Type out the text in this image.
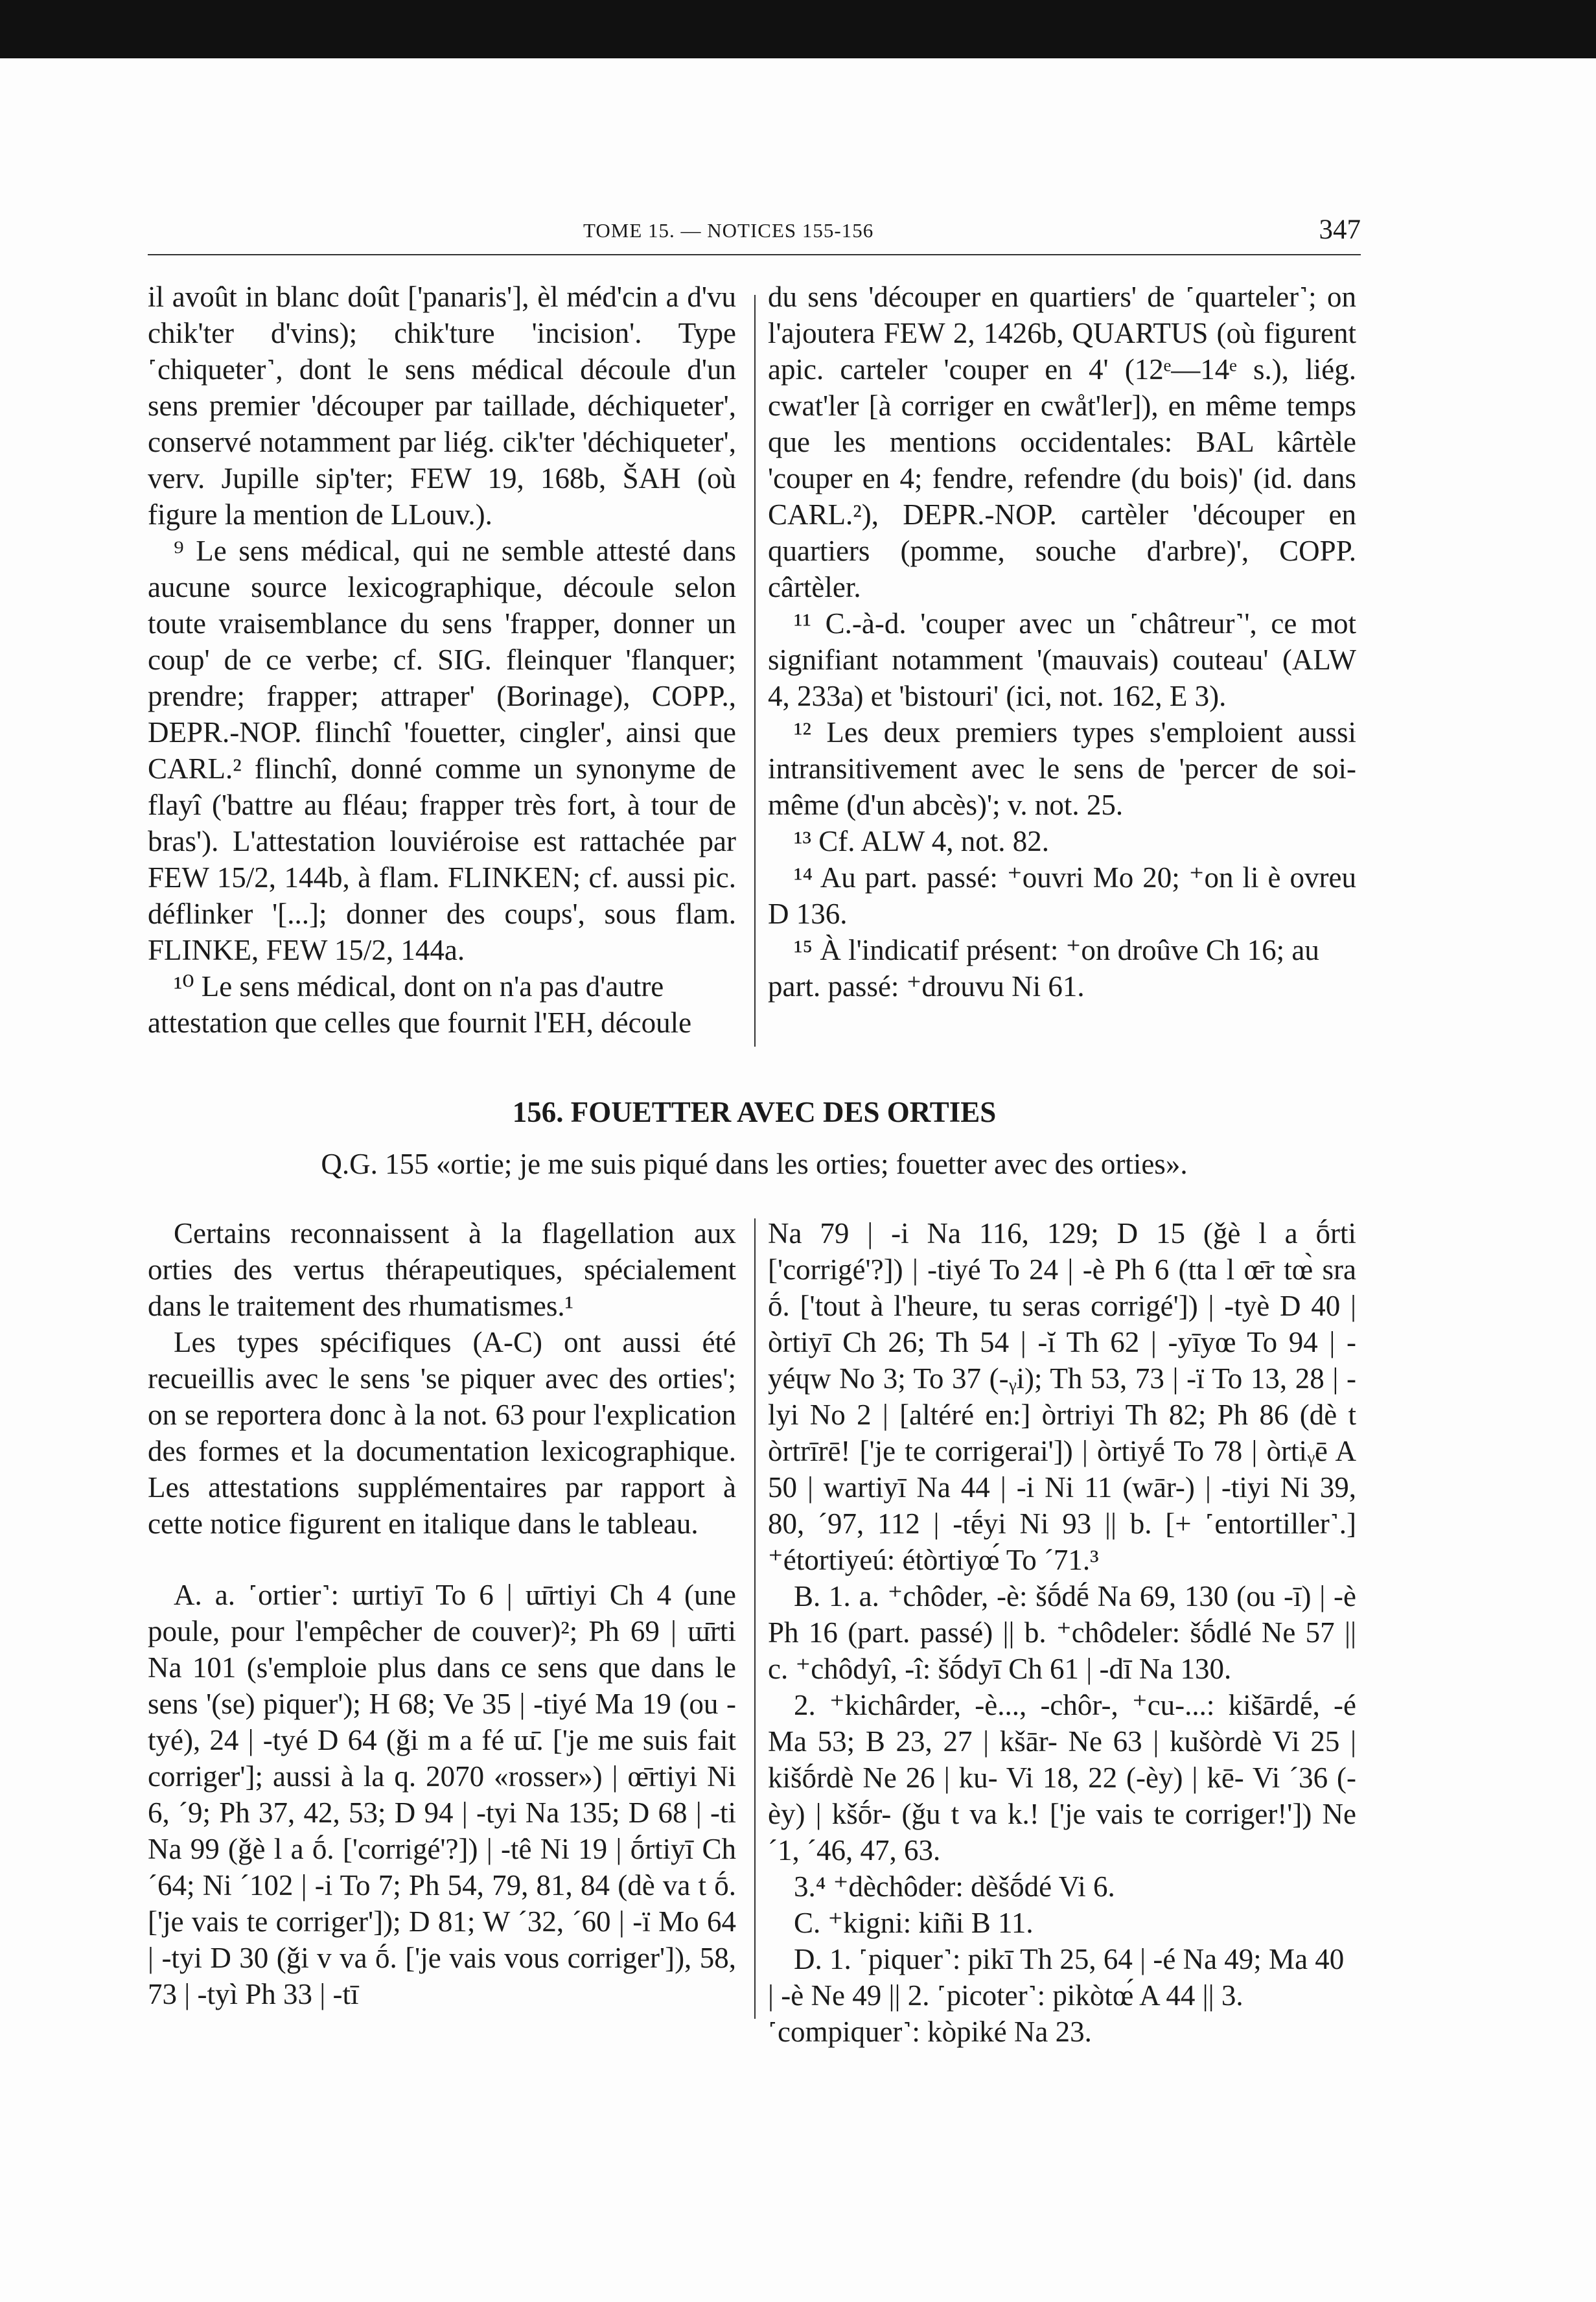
TOME 15. — NOTICES 155-156	347

il avoût in blanc doût ['panaris'], èl méd'cin a d'vu chik'ter d'vins); chik'ture 'incision'. Type ˹chiqueter˺, dont le sens médical découle d'un sens premier 'découper par taillade, déchiqueter', conservé notamment par liég. cik'ter 'déchiqueter', verv. Jupille sip'ter; FEW 19, 168b, ŠAH (où figure la mention de LLouv.).

⁹ Le sens médical, qui ne semble attesté dans aucune source lexicographique, découle selon toute vraisemblance du sens 'frapper, donner un coup' de ce verbe; cf. SIG. fleinquer 'flanquer; prendre; frapper; attraper' (Borinage), COPP., DEPR.-NOP. flinchî 'fouetter, cingler', ainsi que CARL.² flinchî, donné comme un synonyme de flayî ('battre au fléau; frapper très fort, à tour de bras'). L'attestation louviéroise est rattachée par FEW 15/2, 144b, à flam. FLINKEN; cf. aussi pic. déflinker '[...]; donner des coups', sous flam. FLINKE, FEW 15/2, 144a.

¹⁰ Le sens médical, dont on n'a pas d'autre attestation que celles que fournit l'EH, découle

du sens 'découper en quartiers' de ˹quarteler˺; on l'ajoutera FEW 2, 1426b, QUARTUS (où figurent apic. carteler 'couper en 4' (12ᵉ—14ᵉ s.), liég. cwat'ler [à corriger en cwåt'ler]), en même temps que les mentions occidentales: BAL kârtèle 'couper en 4; fendre, refendre (du bois)' (id. dans CARL.²), DEPR.-NOP. cartèler 'découper en quartiers (pomme, souche d'arbre)', COPP. cârtèler.

¹¹ C.-à-d. 'couper avec un ˹châtreur˺', ce mot signifiant notamment '(mauvais) couteau' (ALW 4, 233a) et 'bistouri' (ici, not. 162, E 3).

¹² Les deux premiers types s'emploient aussi intransitivement avec le sens de 'percer de soi-même (d'un abcès)'; v. not. 25.

¹³ Cf. ALW 4, not. 82.

¹⁴ Au part. passé: ⁺ouvri Mo 20; ⁺on li è ovreu D 136.

¹⁵ À l'indicatif présent: ⁺on droûve Ch 16; au part. passé: ⁺drouvu Ni 61.

156. FOUETTER AVEC DES ORTIES
Q.G. 155 «ortie; je me suis piqué dans les orties; fouetter avec des orties».

Certains reconnaissent à la flagellation aux orties des vertus thérapeutiques, spécialement dans le traitement des rhumatismes.¹

Les types spécifiques (A-C) ont aussi été recueillis avec le sens 'se piquer avec des orties'; on se reportera donc à la not. 63 pour l'explication des formes et la documentation lexicographique. Les attestations supplémentaires par rapport à cette notice figurent en italique dans le tableau.

A. a. ˹ortier˺: ɯrtiyī To 6 | ɯ̄rtiyi Ch 4 (une poule, pour l'empêcher de couver)²; Ph 69 | ɯ̄rti Na 101 (s'emploie plus dans ce sens que dans le sens '(se) piquer'); H 68; Ve 35 | -tiyé Ma 19 (ou -tyé), 24 | -tyé D 64 (ǧi m a fé ɯ̄. ['je me suis fait corriger']; aussi à la q. 2070 «rosser») | œ̄rtiyi Ni 6, ´9; Ph 37, 42, 53; D 94 | -tyi Na 135; D 68 | -ti Na 99 (ǧè l a ṓ. ['corrigé'?]) | -tê Ni 19 | ṓrtiyī Ch ´64; Ni ´102 | -i To 7; Ph 54, 79, 81, 84 (dè va t ṓ. ['je vais te corriger']); D 81; W ´32, ´60 | -ï Mo 64 | -tyi D 30 (ǧi v va ṓ. ['je vais vous corriger']), 58, 73 | -tyì Ph 33 | -tī

Na 79 | -i Na 116, 129; D 15 (ǧè l a ṓrti ['corrigé'?]) | -tiyé To 24 | -è Ph 6 (tta l œ̄r tœ̀ sra ṓ. ['tout à l'heure, tu seras corrigé']) | -tyè D 40 | òrtiyī Ch 26; Th 54 | -ĭ Th 62 | -yīyœ To 94 | -yéɥw No 3; To 37 (-ᵧi); Th 53, 73 | -ï To 13, 28 | -lyi No 2 | [altéré en:] òrtriyi Th 82; Ph 86 (dè t òrtrīrē! ['je te corrigerai']) | òrtiyḗ To 78 | òrtiᵧē A 50 | wartiyī Na 44 | -i Ni 11 (wār-) | -tiyi Ni 39, 80, ´97, 112 | -tḗyi Ni 93 || b. [+ ˹entortiller˺.] ⁺étortiyeú: étòrtiyœ́ To ´71.³

B. 1. a. ⁺chôder, -è: šṓdḗ Na 69, 130 (ou -ī) | -è Ph 16 (part. passé) || b. ⁺chôdeler: šṓdlé Ne 57 || c. ⁺chôdyî, -î: šṓdyī Ch 61 | -dī Na 130.

2. ⁺kichârder, -è..., -chôr-, ⁺cu-...: kišārdḗ, -é Ma 53; B 23, 27 | kšār- Ne 63 | kušòrdè Vi 25 | kišṓrdè Ne 26 | ku- Vi 18, 22 (-èy) | kē- Vi ´36 (-èy) | kšṓr- (ǧu t va k.! ['je vais te corriger!']) Ne ´1, ´46, 47, 63.

3.⁴ ⁺dèchôder: dèšṓdé Vi 6.

C. ⁺kigni: kiñi B 11.

D. 1. ˹piquer˺: pikī Th 25, 64 | -é Na 49; Ma 40 | -è Ne 49 || 2. ˹picoter˺: pikòtœ́ A 44 || 3. ˹compiquer˺: kòpiké Na 23.
